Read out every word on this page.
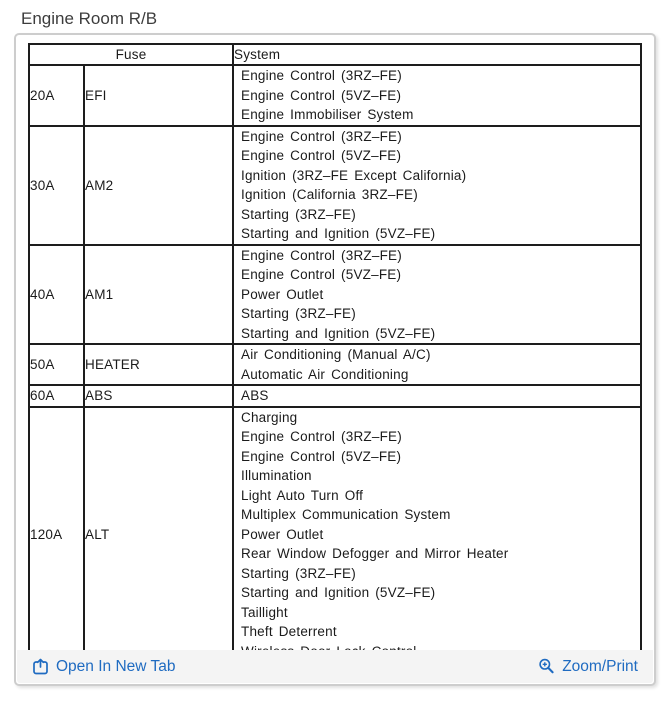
Engine Room R/B
Fuse		System
20A	EFI	Engine Control (3RZ–FE)
Engine Control (5VZ–FE)
Engine Immobiliser System

30A	AM2	
Engine Control (3RZ–FE)
Engine Control (5VZ–FE)
Ignition (3RZ–FE Except California)
Ignition (California 3RZ–FE)
Starting (3RZ–FE)
Starting and Ignition (5VZ–FE)

40A	AM1	Engine Control (3RZ–FE)
Engine Control (5VZ–FE)
Power Outlet
Starting (3RZ–FE)
Starting and Ignition (5VZ–FE)

50A	HEATER	Air Conditioning (Manual A/C)
Automatic Air Conditioning

60A	ABS	ABS

120A	ALT	
Charging
Engine Control (3RZ–FE)
Engine Control (5VZ–FE)
Illumination
Light Auto Turn Off
Multiplex Communication System
Power Outlet
Rear Window Defogger and Mirror Heater
Starting (3RZ–FE)
Starting and Ignition (5VZ–FE)
Taillight
Theft Deterrent
Open In New Tab	Zoom/Print
